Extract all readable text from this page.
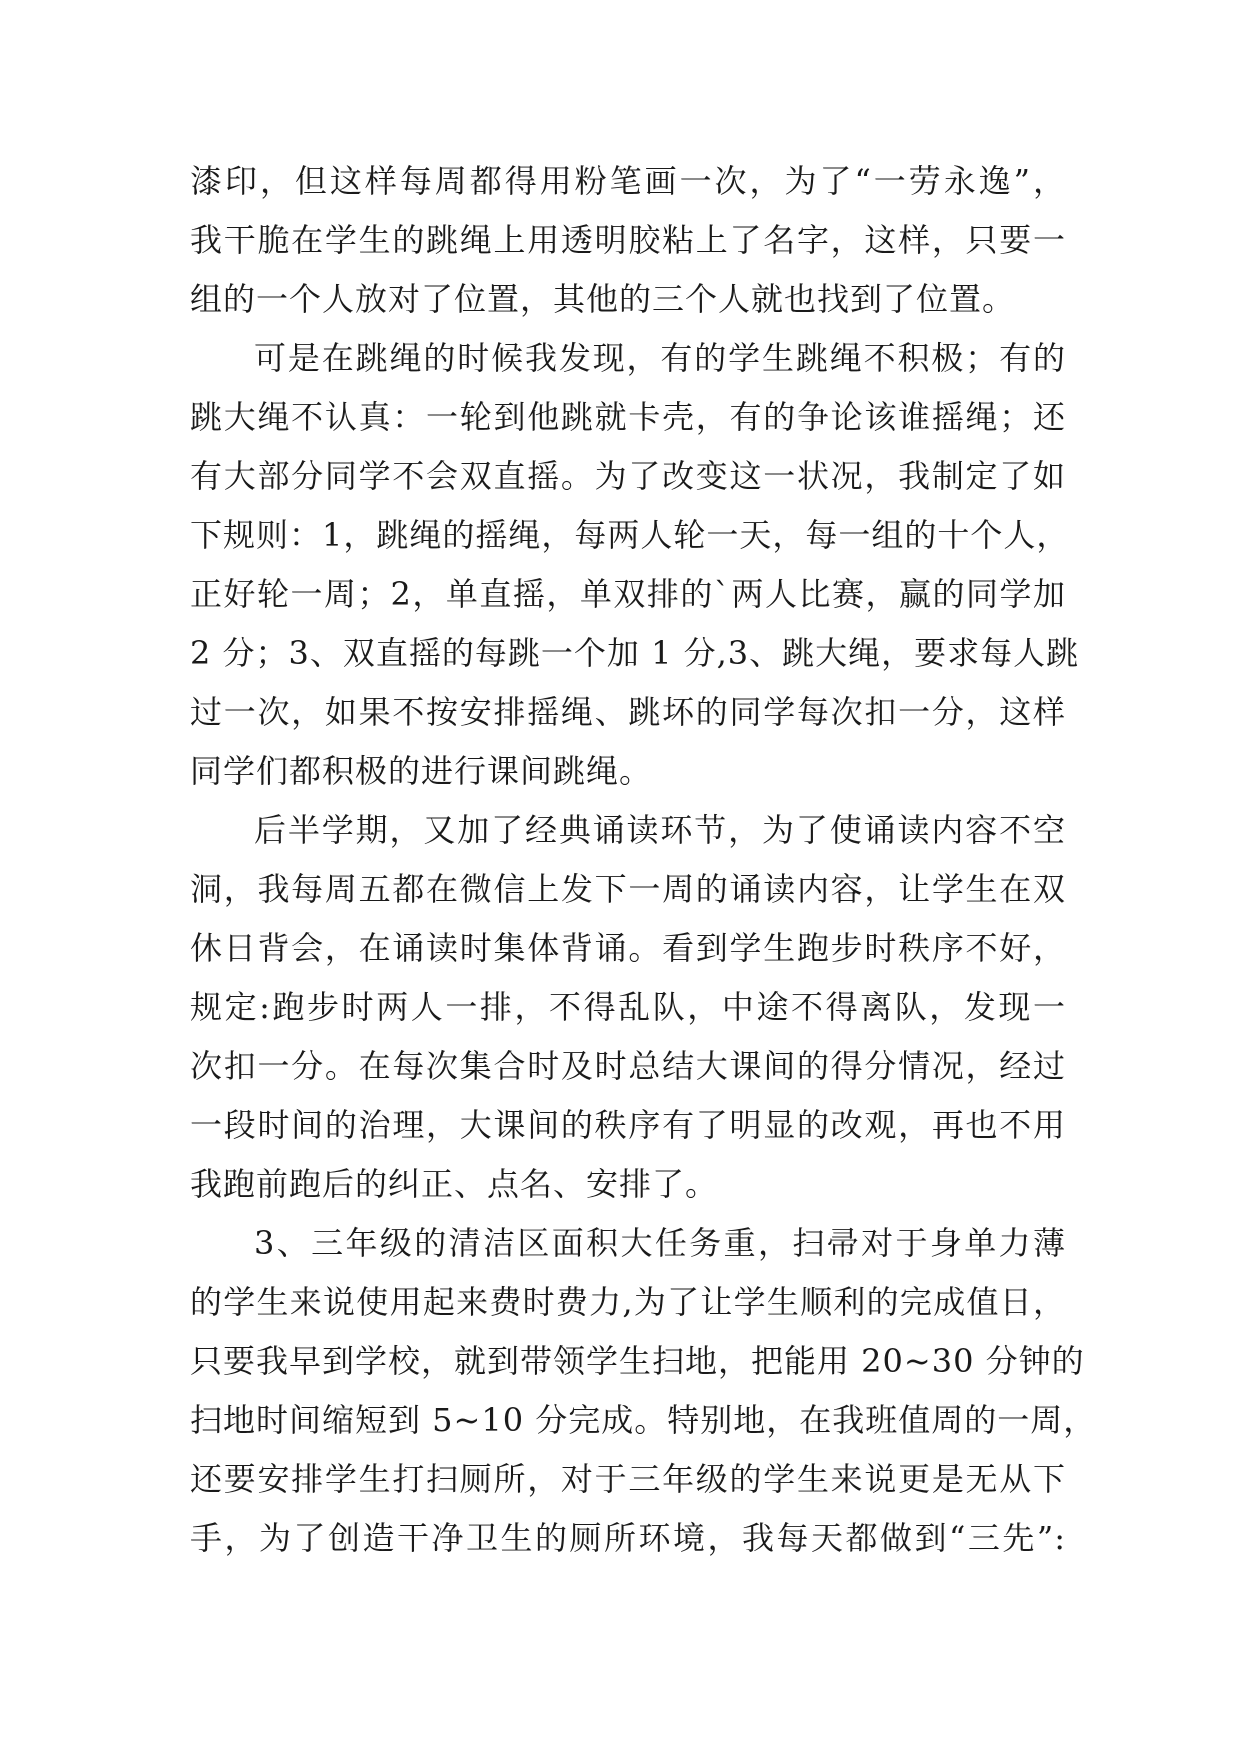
漆印，但这样每周都得用粉笔画一次，为了“一劳永逸”，
我干脆在学生的跳绳上用透明胶粘上了名字，这样，只要一
组的一个人放对了位置，其他的三个人就也找到了位置。
可是在跳绳的时候我发现，有的学生跳绳不积极；有的
跳大绳不认真：一轮到他跳就卡壳，有的争论该谁摇绳；还
有大部分同学不会双直摇。为了改变这一状况，我制定了如
下规则：1，跳绳的摇绳，每两人轮一天，每一组的十个人，
正好轮一周；2，单直摇，单双排的`两人比赛，赢的同学加
2 分；3、双直摇的每跳一个加 1 分,3、跳大绳，要求每人跳
过一次，如果不按安排摇绳、跳坏的同学每次扣一分，这样
同学们都积极的进行课间跳绳。
后半学期，又加了经典诵读环节，为了使诵读内容不空
洞，我每周五都在微信上发下一周的诵读内容，让学生在双
休日背会，在诵读时集体背诵。看到学生跑步时秩序不好，
规定:跑步时两人一排，不得乱队，中途不得离队，发现一
次扣一分。在每次集合时及时总结大课间的得分情况，经过
一段时间的治理，大课间的秩序有了明显的改观，再也不用
我跑前跑后的纠正、点名、安排了。
3、三年级的清洁区面积大任务重，扫帚对于身单力薄
的学生来说使用起来费时费力,为了让学生顺利的完成值日，
只要我早到学校，就到带领学生扫地，把能用 20~30 分钟的
扫地时间缩短到 5~10 分完成。特别地，在我班值周的一周，
还要安排学生打扫厕所，对于三年级的学生来说更是无从下
手，为了创造干净卫生的厕所环境，我每天都做到“三先”:
